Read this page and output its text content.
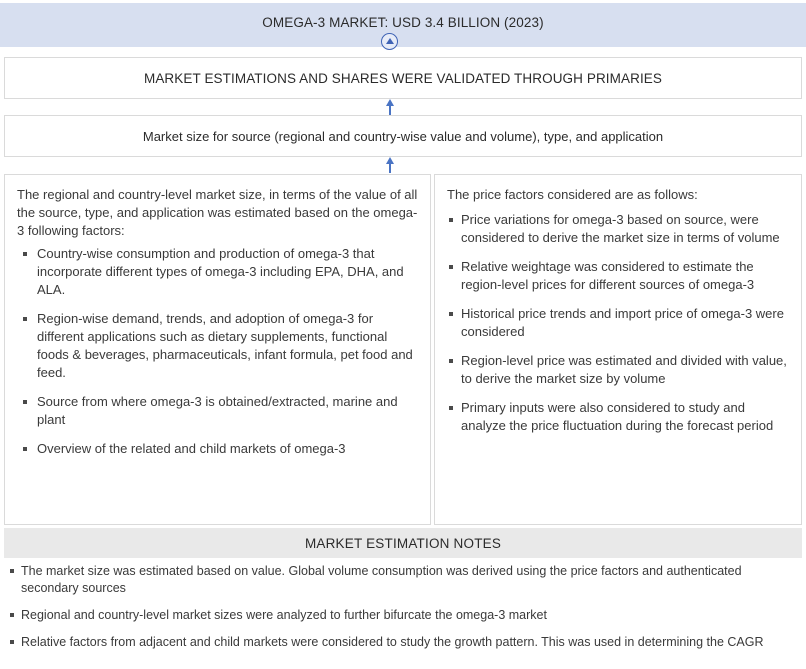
OMEGA-3 MARKET: USD 3.4 BILLION (2023)
MARKET ESTIMATIONS AND SHARES WERE VALIDATED THROUGH PRIMARIES
Market size for source (regional and country-wise value and volume), type, and application

The regional and country-level market size, in terms of the value of all the source, type, and application was estimated based on the omega-3 following factors:

Country-wise consumption and production of omega-3 that incorporate different types of omega-3 including EPA, DHA, and ALA.
Region-wise demand, trends, and adoption of omega-3 for different applications such as dietary supplements, functional foods & beverages, pharmaceuticals, infant formula, pet food and feed.
Source from where omega-3 is obtained/extracted, marine and plant
Overview of the related and child markets of omega-3

The price factors considered are as follows:

Price variations for omega-3 based on source, were considered to derive the market size in terms of volume
Relative weightage was considered to estimate the region-level prices for different sources of omega-3
Historical price trends and import price of omega-3 were considered
Region-level price was estimated and divided with value, to derive the market size by volume
Primary inputs were also considered to study and analyze the price fluctuation during the forecast period
MARKET ESTIMATION NOTES
The market size was estimated based on value. Global volume consumption was derived using the price factors and authenticated secondary sources
Regional and country-level market sizes were analyzed to further bifurcate the omega-3 market
Relative factors from adjacent and child markets were considered to study the growth pattern. This was used in determining the CAGR
